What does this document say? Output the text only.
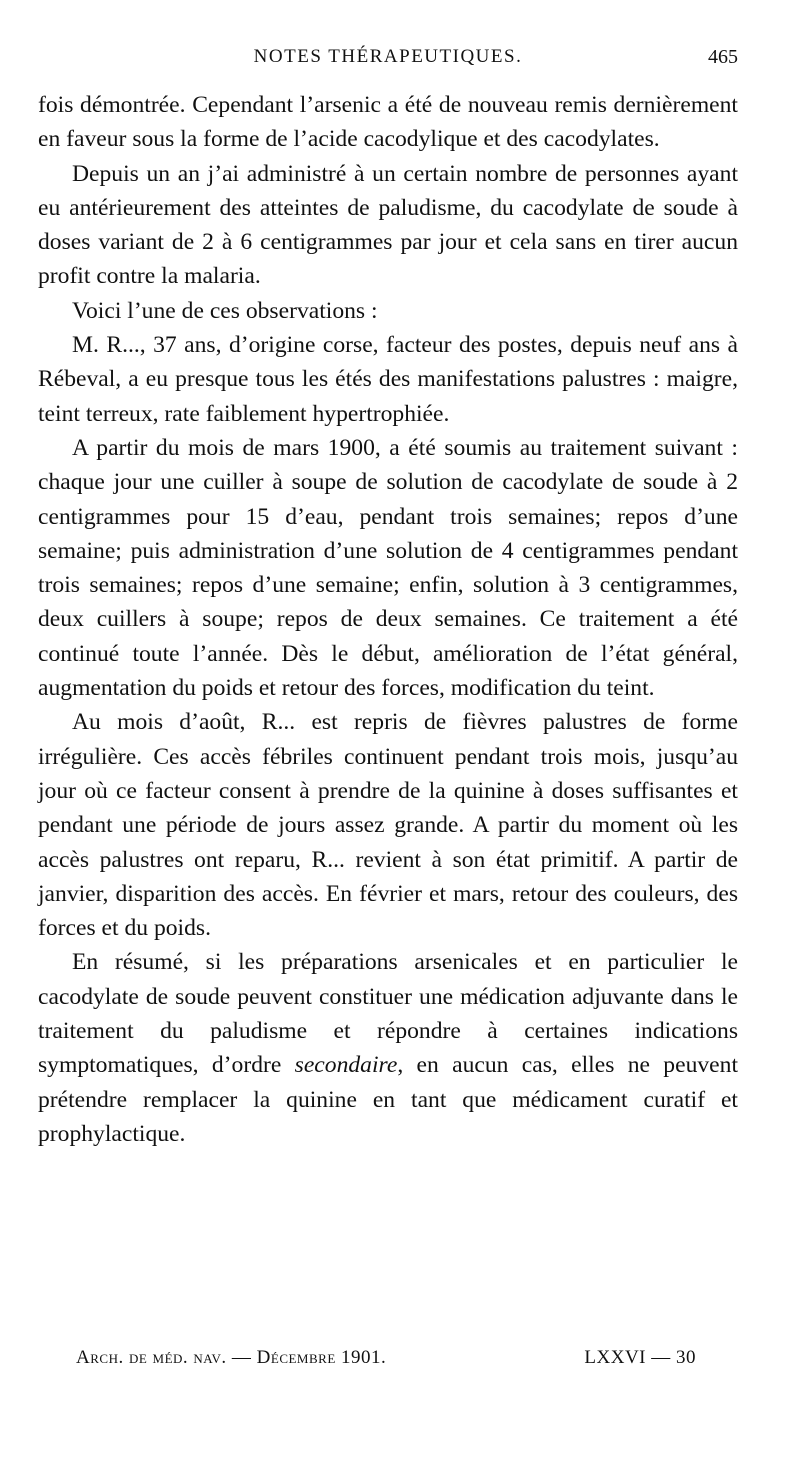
NOTES THÉRAPEUTIQUES.	465

fois démontrée. Cependant l’arsenic a été de nouveau remis dernièrement en faveur sous la forme de l’acide cacodylique et des cacodylates.

Depuis un an j’ai administré à un certain nombre de personnes ayant eu antérieurement des atteintes de paludisme, du cacodylate de soude à doses variant de 2 à 6 centigrammes par jour et cela sans en tirer aucun profit contre la malaria.

Voici l’une de ces observations :

M. R..., 37 ans, d’origine corse, facteur des postes, depuis neuf ans à Rébeval, a eu presque tous les étés des manifestations palustres : maigre, teint terreux, rate faiblement hypertrophiée.

A partir du mois de mars 1900, a été soumis au traitement suivant : chaque jour une cuiller à soupe de solution de cacodylate de soude à 2 centigrammes pour 15 d’eau, pendant trois semaines; repos d’une semaine; puis administration d’une solution de 4 centigrammes pendant trois semaines; repos d’une semaine; enfin, solution à 3 centigrammes, deux cuillers à soupe; repos de deux semaines. Ce traitement a été continué toute l’année. Dès le début, amélioration de l’état général, augmentation du poids et retour des forces, modification du teint.

Au mois d’août, R... est repris de fièvres palustres de forme irrégulière. Ces accès fébriles continuent pendant trois mois, jusqu’au jour où ce facteur consent à prendre de la quinine à doses suffisantes et pendant une période de jours assez grande. A partir du moment où les accès palustres ont reparu, R... revient à son état primitif. A partir de janvier, disparition des accès. En février et mars, retour des couleurs, des forces et du poids.

En résumé, si les préparations arsenicales et en particulier le cacodylate de soude peuvent constituer une médication adjuvante dans le traitement du paludisme et répondre à certaines indications symptomatiques, d’ordre secondaire, en aucun cas, elles ne peuvent prétendre remplacer la quinine en tant que médicament curatif et prophylactique.

Arch. de méd. nav. — Décembre 1901.	LXXVI — 30
